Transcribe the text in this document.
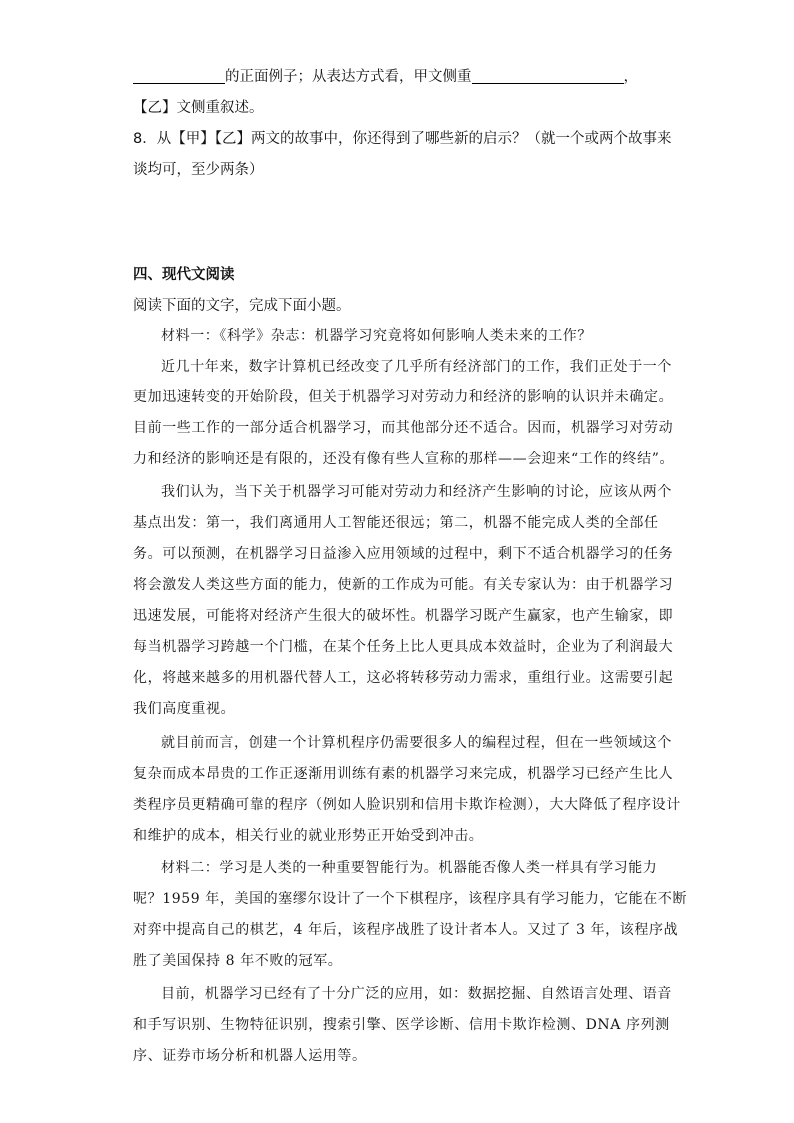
的正面例子；从表达方式看，甲文侧重	，
【乙】文侧重叙述。
8．从【甲】【乙】两文的故事中，你还得到了哪些新的启示？（就一个或两个故事来
谈均可，至少两条）
四、现代文阅读
阅读下面的文字，完成下面小题。
材料一：《科学》杂志：机器学习究竟将如何影响人类未来的工作？
近几十年来，数字计算机已经改变了几乎所有经济部门的工作，我们正处于一个
更加迅速转变的开始阶段，但关于机器学习对劳动力和经济的影响的认识并未确定。
目前一些工作的一部分适合机器学习，而其他部分还不适合。因而，机器学习对劳动
力和经济的影响还是有限的，还没有像有些人宣称的那样——会迎来“工作的终结”。
我们认为，当下关于机器学习可能对劳动力和经济产生影响的讨论，应该从两个
基点出发：第一，我们离通用人工智能还很远；第二，机器不能完成人类的全部任
务。可以预测，在机器学习日益渗入应用领域的过程中，剩下不适合机器学习的任务
将会激发人类这些方面的能力，使新的工作成为可能。有关专家认为：由于机器学习
迅速发展，可能将对经济产生很大的破坏性。机器学习既产生赢家，也产生输家，即
每当机器学习跨越一个门槛，在某个任务上比人更具成本效益时，企业为了利润最大
化，将越来越多的用机器代替人工，这必将转移劳动力需求，重组行业。这需要引起
我们高度重视。
就目前而言，创建一个计算机程序仍需要很多人的编程过程，但在一些领域这个
复杂而成本昂贵的工作正逐渐用训练有素的机器学习来完成，机器学习已经产生比人
类程序员更精确可靠的程序（例如人脸识别和信用卡欺诈检测），大大降低了程序设计
和维护的成本，相关行业的就业形势正开始受到冲击。
材料二：学习是人类的一种重要智能行为。机器能否像人类一样具有学习能力
呢？1959 年，美国的塞缪尔设计了一个下棋程序，该程序具有学习能力，它能在不断
对弈中提高自己的棋艺，4 年后，该程序战胜了设计者本人。又过了 3 年，该程序战
胜了美国保持 8 年不败的冠军。
目前，机器学习已经有了十分广泛的应用，如：数据挖掘、自然语言处理、语音
和手写识别、生物特征识别，搜索引擎、医学诊断、信用卡欺诈检测、DNA 序列测
序、证券市场分析和机器人运用等。
